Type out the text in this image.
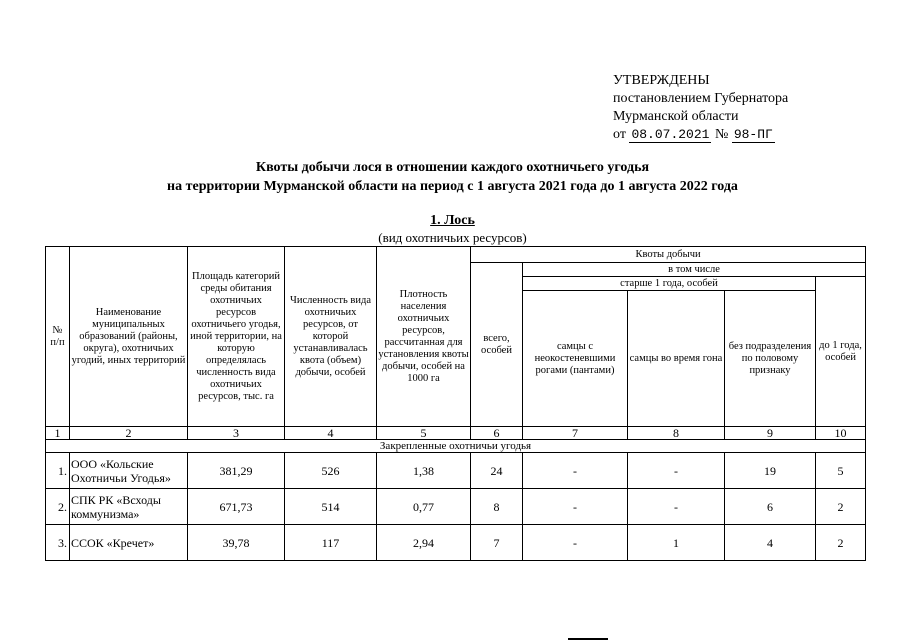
УТВЕРЖДЕНЫ
постановлением Губернатора
Мурманской области
от 08.07.2021 № 98-ПГ
Квоты добычи лося в отношении каждого охотничьего угодья
на территории Мурманской области на период с 1 августа 2021 года до 1 августа 2022 года
1. Лось
(вид охотничьих ресурсов)
№ п/п	Наименование муниципальных образований (районы, округа), охотничьих угодий, иных территорий	Площадь категорий среды обитания охотничьих ресурсов охотничьего угодья, иной территории, на которую определялась численность вида охотничьих ресурсов, тыс. га	Численность вида охотничьих ресурсов, от которой устанавливалась квота (объем) добычи, особей	Плотность населения охотничьих ресурсов, рассчитанная для установления квоты добычи, особей на 1000 га	Квоты добычи				
					всего, особей	в том числе			
						старше 1 года, особей			до 1 года, особей
						самцы с неокостеневшими рогами (пантами)	самцы во время гона	без подразделения по половому признаку	
1	2	3	4	5	6	7	8	9	10
Закрепленные охотничьи угодья									
1.	ООО «Кольские Охотничьи Угодья»	381,29	526	1,38	24	-	-	19	5
2.	СПК РК «Всходы коммунизма»	671,73	514	0,77	8	-	-	6	2
3.	ССОК «Кречет»	39,78	117	2,94	7	-	1	4	2
